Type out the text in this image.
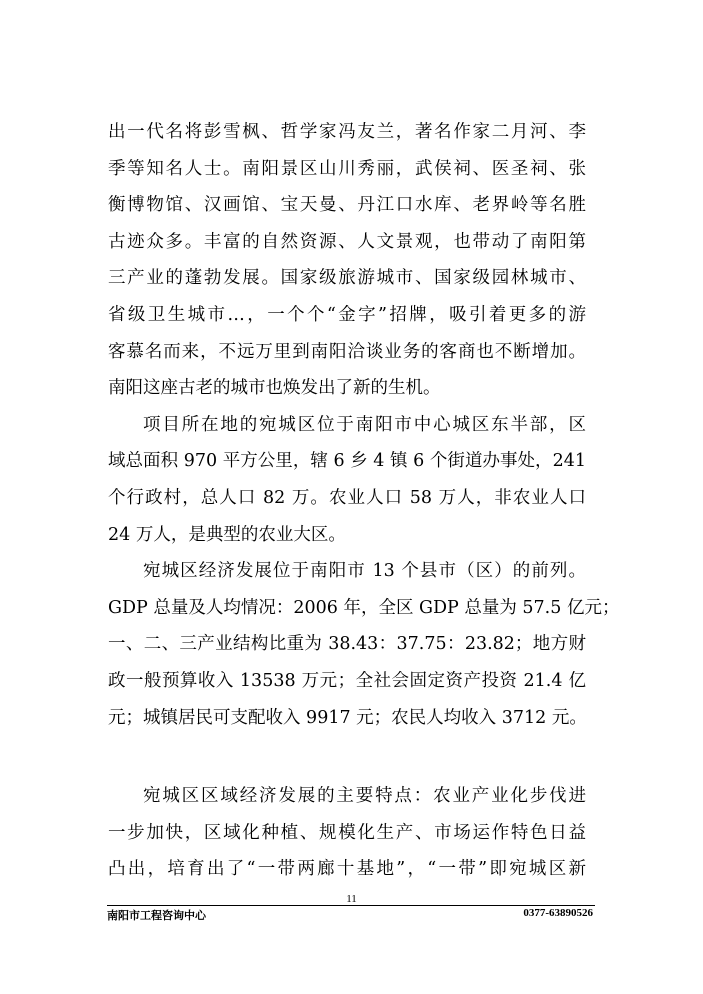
出一代名将彭雪枫、哲学家冯友兰，著名作家二月河、李
季等知名人士。南阳景区山川秀丽，武侯祠、医圣祠、张
衡博物馆、汉画馆、宝天曼、丹江口水库、老界岭等名胜
古迹众多。丰富的自然资源、人文景观，也带动了南阳第
三产业的蓬勃发展。国家级旅游城市、国家级园林城市、
省级卫生城市…，一个个“金字”招牌，吸引着更多的游
客慕名而来，不远万里到南阳洽谈业务的客商也不断增加。
南阳这座古老的城市也焕发出了新的生机。
项目所在地的宛城区位于南阳市中心城区东半部，区
域总面积 970 平方公里，辖 6 乡 4 镇 6 个街道办事处，241
个行政村，总人口 82 万。农业人口 58 万人，非农业人口
24 万人，是典型的农业大区。
宛城区经济发展位于南阳市 13 个县市（区）的前列。
GDP 总量及人均情况：2006 年，全区 GDP 总量为 57.5 亿元；
一、二、三产业结构比重为 38.43：37.75：23.82；地方财
政一般预算收入 13538 万元；全社会固定资产投资 21.4 亿
元；城镇居民可支配收入 9917 元；农民人均收入 3712 元。
宛城区区域经济发展的主要特点：农业产业化步伐进
一步加快，区域化种植、规模化生产、市场运作特色日益
凸出，培育出了“一带两廊十基地”，“一带”即宛城区新
11
南阳市工程咨询中心	0377-63890526
